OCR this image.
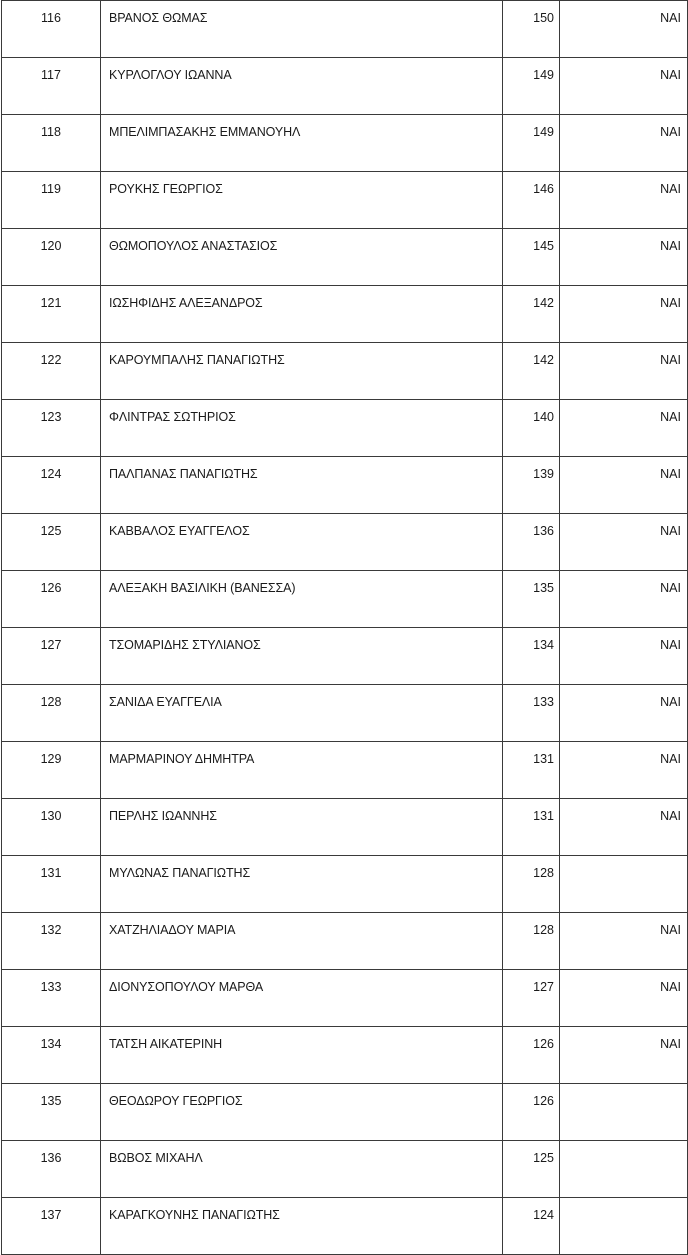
116	ΒΡΑΝΟΣ ΘΩΜΑΣ	150	ΝΑΙ
117	ΚΥΡΛΟΓΛΟΥ ΙΩΑΝΝΑ	149	ΝΑΙ
118	ΜΠΕΛΙΜΠΑΣΑΚΗΣ ΕΜΜΑΝΟΥΗΛ	149	ΝΑΙ
119	ΡΟΥΚΗΣ ΓΕΩΡΓΙΟΣ	146	ΝΑΙ
120	ΘΩΜΟΠΟΥΛΟΣ ΑΝΑΣΤΑΣΙΟΣ	145	ΝΑΙ
121	ΙΩΣΗΦΙΔΗΣ ΑΛΕΞΑΝΔΡΟΣ	142	ΝΑΙ
122	ΚΑΡΟΥΜΠΑΛΗΣ ΠΑΝΑΓΙΩΤΗΣ	142	ΝΑΙ
123	ΦΛΙΝΤΡΑΣ ΣΩΤΗΡΙΟΣ	140	ΝΑΙ
124	ΠΑΛΠΑΝΑΣ ΠΑΝΑΓΙΩΤΗΣ	139	ΝΑΙ
125	ΚΑΒΒΑΛΟΣ ΕΥΑΓΓΕΛΟΣ	136	ΝΑΙ
126	ΑΛΕΞΑΚΗ ΒΑΣΙΛΙΚΗ (ΒΑΝΕΣΣΑ)	135	ΝΑΙ
127	ΤΣΟΜΑΡΙΔΗΣ ΣΤΥΛΙΑΝΟΣ	134	ΝΑΙ
128	ΣΑΝΙΔΑ ΕΥΑΓΓΕΛΙΑ	133	ΝΑΙ
129	ΜΑΡΜΑΡΙΝΟΥ ΔΗΜΗΤΡΑ	131	ΝΑΙ
130	ΠΕΡΛΗΣ ΙΩΑΝΝΗΣ	131	ΝΑΙ
131	ΜΥΛΩΝΑΣ ΠΑΝΑΓΙΩΤΗΣ	128	
132	ΧΑΤΖΗΛΙΑΔΟΥ ΜΑΡΙΑ	128	ΝΑΙ
133	ΔΙΟΝΥΣΟΠΟΥΛΟΥ ΜΑΡΘΑ	127	ΝΑΙ
134	ΤΑΤΣΗ ΑΙΚΑΤΕΡΙΝΗ	126	ΝΑΙ
135	ΘΕΟΔΩΡΟΥ ΓΕΩΡΓΙΟΣ	126	
136	ΒΩΒΟΣ ΜΙΧΑΗΛ	125	
137	ΚΑΡΑΓΚΟΥΝΗΣ ΠΑΝΑΓΙΩΤΗΣ	124	
